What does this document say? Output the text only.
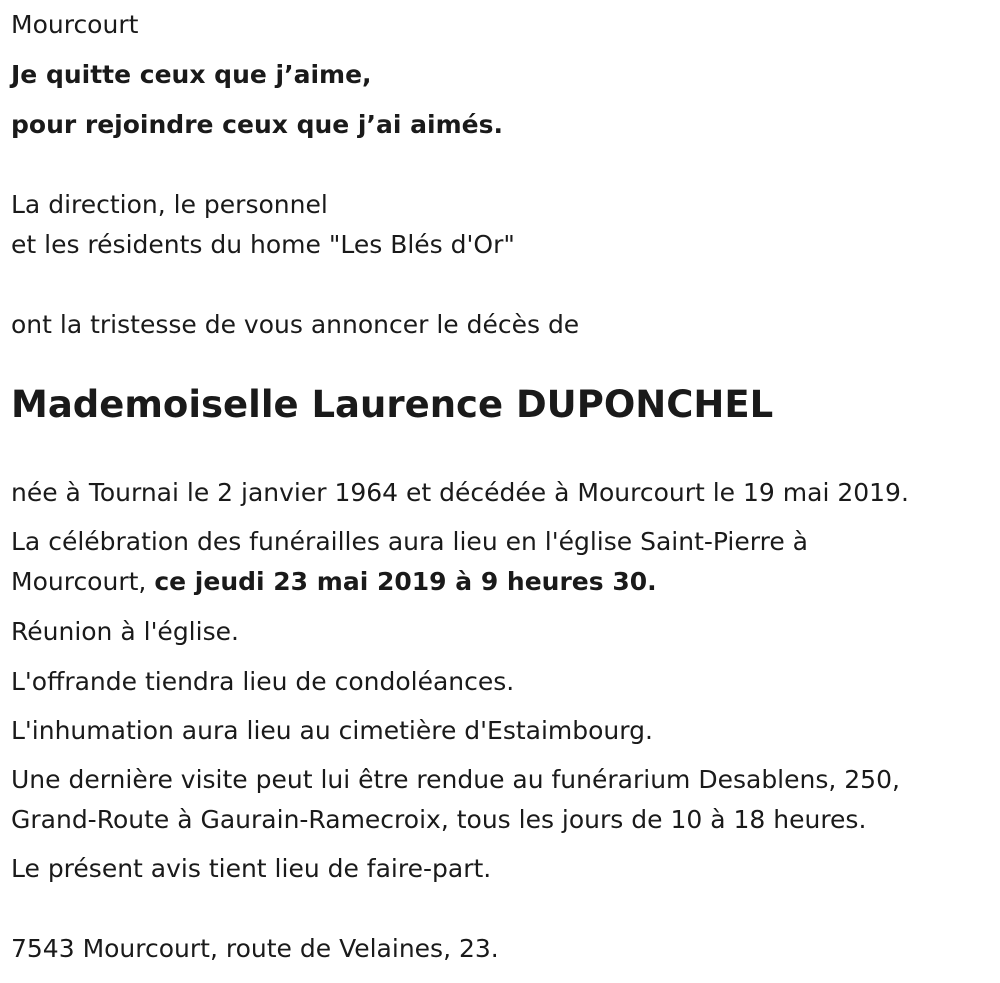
Mourcourt
Je quitte ceux que j’aime,
pour rejoindre ceux que j’ai aimés.
La direction, le personnel
et les résidents du home "Les Blés d'Or"
ont la tristesse de vous annoncer le décès de
Mademoiselle Laurence DUPONCHEL
née à Tournai le 2 janvier 1964 et décédée à Mourcourt le 19 mai 2019.
La célébration des funérailles aura lieu en l'église Saint-Pierre à
Mourcourt, ce jeudi 23 mai 2019 à 9 heures 30.
Réunion à l'église.
L'offrande tiendra lieu de condoléances.
L'inhumation aura lieu au cimetière d'Estaimbourg.
Une dernière visite peut lui être rendue au funérarium Desablens, 250,
Grand-Route à Gaurain-Ramecroix, tous les jours de 10 à 18 heures.
Le présent avis tient lieu de faire-part.
7543 Mourcourt, route de Velaines, 23.
